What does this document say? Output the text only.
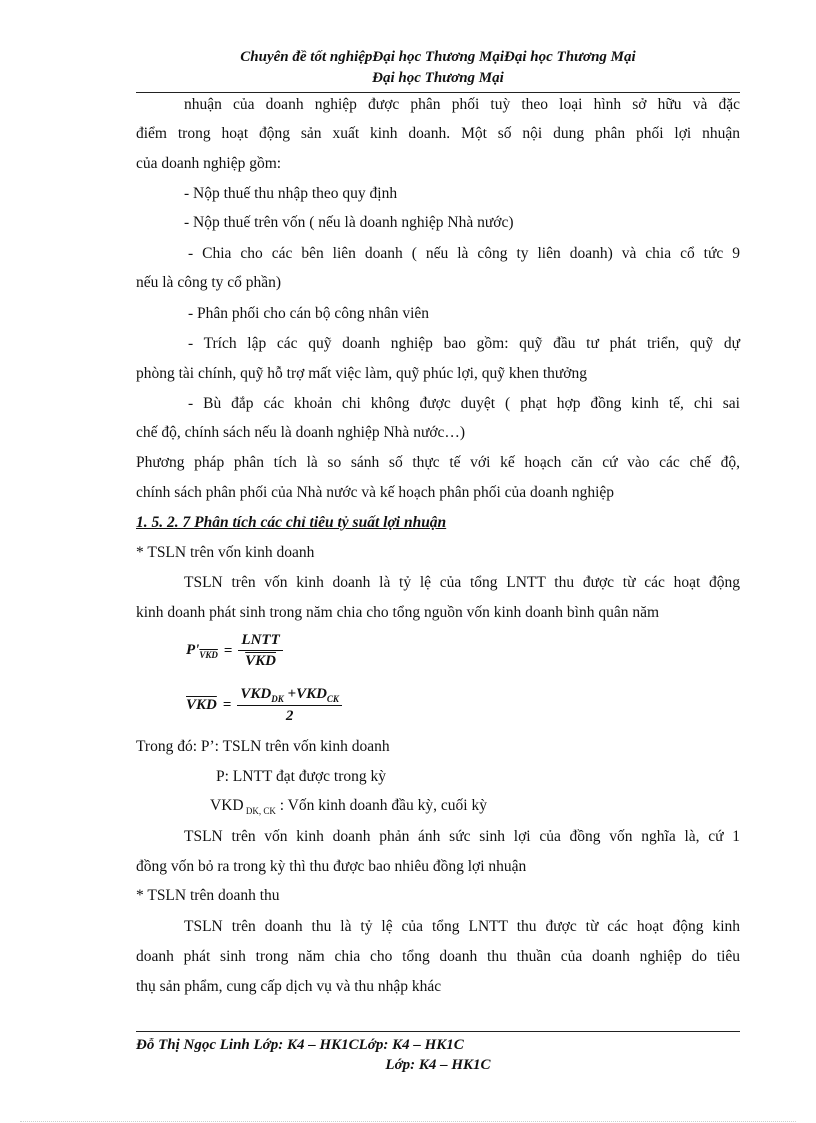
Chuyên đề tốt nghiệpĐại học Thương MạiĐại học Thương Mại
Đại học Thương Mại
nhuận của doanh nghiệp được phân phối tuỳ theo loại hình sở hữu và đặc
điểm trong hoạt động sản xuất kinh doanh. Một số nội dung phân phối lợi nhuận
của doanh nghiệp gồm:
- Nộp thuế thu nhập theo quy định
- Nộp thuế trên vốn ( nếu là doanh nghiệp Nhà nước)
- Chia cho các bên liên doanh ( nếu là công ty liên doanh) và chia cổ tức 9
nếu là công ty cổ phần)
- Phân phối cho cán bộ công nhân viên
- Trích lập các quỹ doanh nghiệp bao gồm: quỹ đầu tư phát triển, quỹ dự
phòng tài chính, quỹ hỗ trợ mất việc làm, quỹ phúc lợi, quỹ khen thưởng
- Bù đắp các khoản chi không được duyệt ( phạt hợp đồng kinh tế, chi sai
chế độ, chính sách nếu là doanh nghiệp Nhà nước…)
Phương pháp phân tích là so sánh số thực tế với kế hoạch căn cứ vào các chế độ,
chính sách phân phối của Nhà nước và kế hoạch phân phối của doanh nghiệp
1. 5. 2. 7 Phân tích các chỉ tiêu tỷ suất lợi nhuận
* TSLN trên vốn kinh doanh
TSLN trên vốn kinh doanh là tỷ lệ của tổng LNTT thu được từ các hoạt động
kinh doanh phát sinh trong năm chia cho tổng nguồn vốn kinh doanh bình quân năm
$P'_{\overline{VKD}} = \frac{\text{LNTT}}{\text{VKD}}$
$\overline{VKD} = \frac{VKD_{DK} +VKD_{CK}}{2}$
Trong đó: P’: TSLN trên vốn kinh doanh
P: LNTT đạt được trong kỳ
VKD $_{DK, CK}$ : Vốn kinh doanh đầu kỳ, cuối kỳ
TSLN trên vốn kinh doanh phản ánh sức sinh lợi của đồng vốn nghĩa là, cứ 1
đồng vốn bỏ ra trong kỳ thì thu được bao nhiêu đồng lợi nhuận
* TSLN trên doanh thu
TSLN trên doanh thu là tỷ lệ của tổng LNTT thu được từ các hoạt động kinh
doanh phát sinh trong năm chia cho tổng doanh thu thuần của doanh nghiệp do tiêu
thụ sản phẩm, cung cấp dịch vụ và thu nhập khác
Đỗ Thị Ngọc Linh Lớp: K4 – HK1CLớp: K4 – HK1C
Lớp: K4 – HK1C
